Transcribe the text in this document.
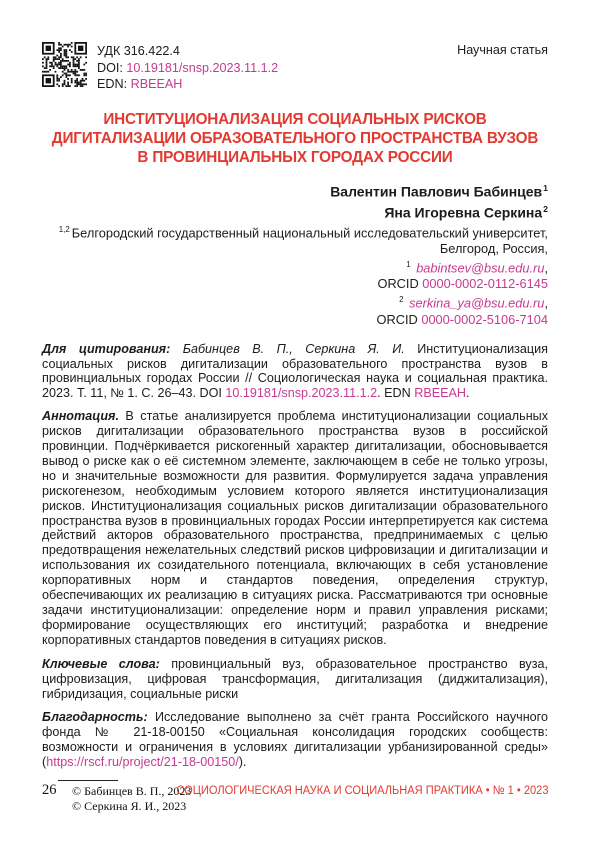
УДК 316.422.4
DOI: 10.19181/snsp.2023.11.1.2
EDN: RBEEAH
Научная статья
ИНСТИТУЦИОНАЛИЗАЦИЯ СОЦИАЛЬНЫХ РИСКОВ
ДИГИТАЛИЗАЦИИ ОБРАЗОВАТЕЛЬНОГО ПРОСТРАНСТВА ВУЗОВ
В ПРОВИНЦИАЛЬНЫХ ГОРОДАХ РОССИИ
Валентин Павлович Бабинцев$^1$
Яна Игоревна Серкина$^2$
$^{1,2}$ Белгородский государственный национальный исследовательский университет,
Белгород, Россия,
$^1$ babintsev@bsu.edu.ru,
ORCID 0000-0002-0112-6145
$^2$ serkina_ya@bsu.edu.ru,
ORCID 0000-0002-5106-7104

Для цитирования: Бабинцев В. П., Серкина Я. И. Институционализация социальных рисков дигитализации образовательного пространства вузов в провинциальных городах России // Социологическая наука и социальная практика. 2023. Т. 11, № 1. С. 26–43. DOI 10.19181/snsp.2023.11.1.2. EDN RBEEAH.

Аннотация. В статье анализируется проблема институционализации социальных рисков дигитализации образовательного пространства вузов в российской провинции. Подчёркивается рискогенный характер дигитализации, обосновывается вывод о риске как о её системном элементе, заключающем в себе не только угрозы, но и значительные возможности для развития. Формулируется задача управления рискогенезом, необходимым условием которого является институционализация рисков. Институционализация социальных рисков дигитализации образовательного пространства вузов в провинциальных городах России интерпретируется как система действий акторов образовательного пространства, предпринимаемых с целью предотвращения нежелательных следствий рисков цифровизации и дигитализации и использования их созидательного потенциала, включающих в себя установление корпоративных норм и стандартов поведения, определения структур, обеспечивающих их реализацию в ситуациях риска. Рассматриваются три основные задачи институционализации: определение норм и правил управления рисками; формирование осуществляющих его институций; разработка и внедрение корпоративных стандартов поведения в ситуациях рисков.

Ключевые слова: провинциальный вуз, образовательное пространство вуза, цифровизация, цифровая трансформация, дигитализация (диджитализация), гибридизация, социальные риски

Благодарность: Исследование выполнено за счёт гранта Российского научного фонда № 21-18-00150 «Социальная консолидация городских сообществ: возможности и ограничения в условиях дигитализации урбанизированной среды» (https://rscf.ru/project/21-18-00150/).

© Бабинцев В. П., 2023
© Серкина Я. И., 2023
26	СОЦИОЛОГИЧЕСКАЯ НАУКА И СОЦИАЛЬНАЯ ПРАКТИКА • № 1 • 2023
